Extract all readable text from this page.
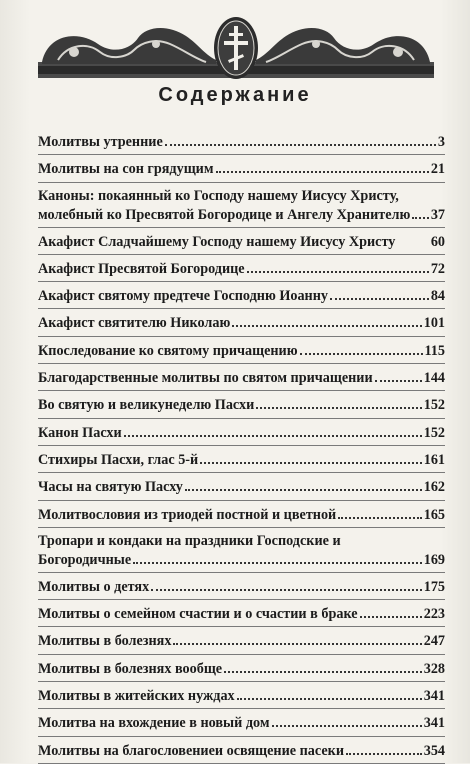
Содержание
Молитвы утренние	3
Молитвы на сон грядущим	21
Каноны: покаянный ко Господу нашему Иисусу Христу,
молебный ко Пресвятой Богородице и Ангелу Хранителю 37
Акафист Сладчайшему Господу нашему Иисусу Христу 60
Акафист Пресвятой Богородице	72
Акафист святому предтече Господню Иоанну	84
Акафист святителю Николаю	101
Кпоследование ко святому причащению	115
Благодарственные молитвы по святом причащении	144
Во святую и великунеделю Пасхи	152
Канон Пасхи	152
Стихиры Пасхи, глас 5-й	161
Часы на святую Пасху	162
Молитвословия из триодей постной и цветной	165
Тропари и кондаки на праздники Господские и
Богородичные	169
Молитвы о детях	175
Молитвы о семейном счастии и о счастии в браке	223
Молитвы в болезнях	247
Молитвы в болезнях вообще	328
Молитвы в житейских нуждах	341
Молитва на вхождение в новый дом	341
Молитвы на благословениеи освящение пасеки	354
